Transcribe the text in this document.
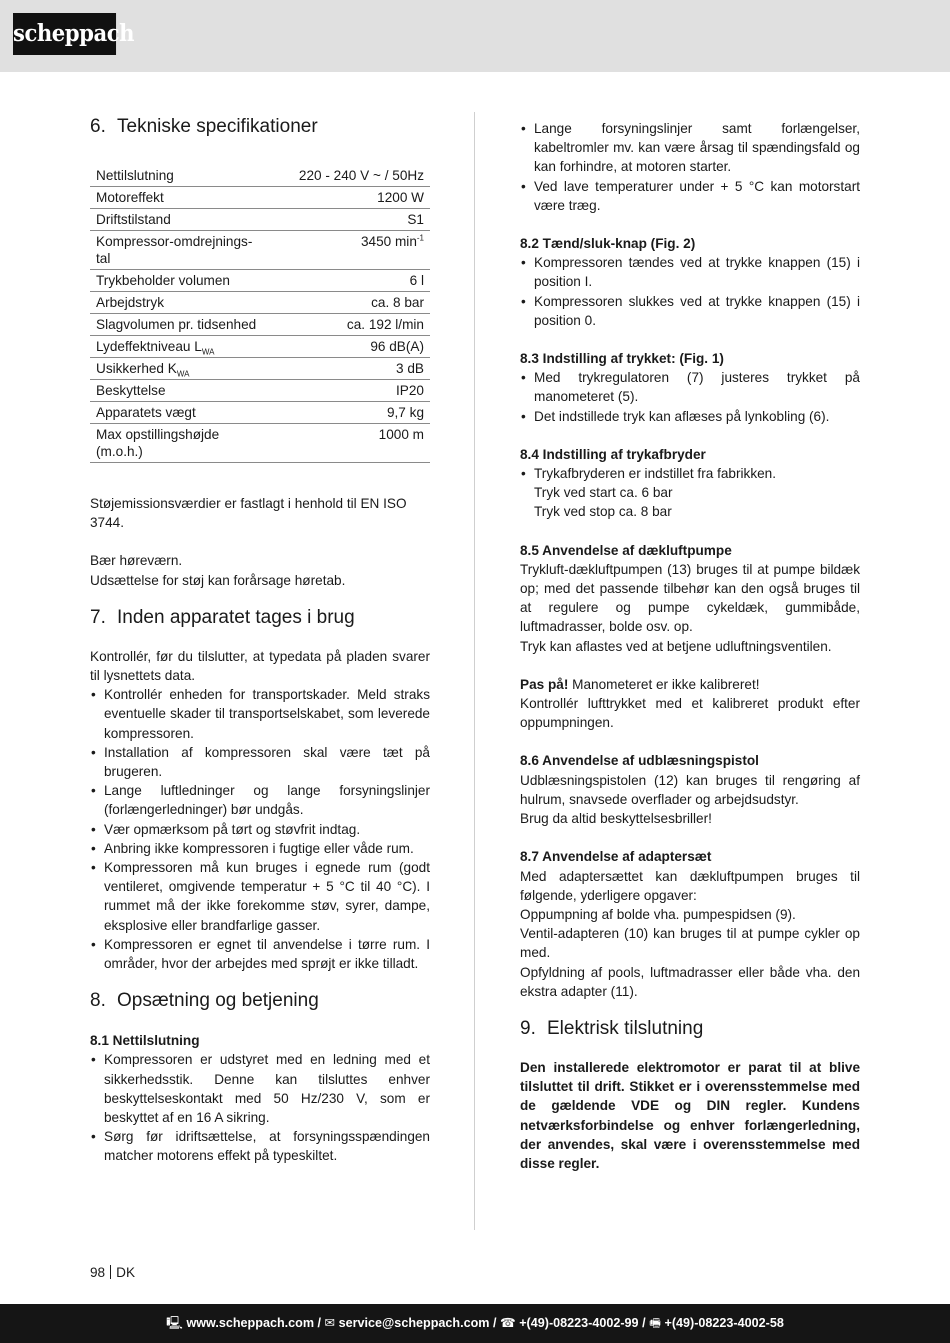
scheppach
6. Tekniske specifikationer
Nettilslutning	220 - 240 V ~ / 50Hz
Motoreffekt	1200 W
Driftstilstand	S1
Kompressor-omdrejnings-tal	3450 $\min^{-1}$
Trykbeholder volumen	6 l
Arbejdstryk	ca. 8 bar
Slagvolumen pr. tidsenhed	ca. 192 l/min
Lydeffektniveau $L_{WA}$	96 dB(A)
Usikkerhed $K_{WA}$	3 dB
Beskyttelse	IP20
Apparatets vægt	9,7 kg
Max opstillingshøjde (m.o.h.)	1000 m

Støjemissionsværdier er fastlagt i henhold til EN ISO 3744.

Bær høreværn.

Udsættelse for støj kan forårsage høretab.

7. Inden apparatet tages i brug

Kontrollér, før du tilslutter, at typedata på pladen svarer til lysnettets data.

• Kontrollér enheden for transportskader. Meld straks eventuelle skader til transportselskabet, som leverede kompressoren.
• Installation af kompressoren skal være tæt på brugeren.
• Lange luftledninger og lange forsyningslinjer (forlængerledninger) bør undgås.
• Vær opmærksom på tørt og støvfrit indtag.
• Anbring ikke kompressoren i fugtige eller våde rum.
• Kompressoren må kun bruges i egnede rum (godt ventileret, omgivende temperatur + 5 °C til 40 °C). I rummet må der ikke forekomme støv, syrer, dampe, eksplosive eller brandfarlige gasser.
• Kompressoren er egnet til anvendelse i tørre rum. I områder, hvor der arbejdes med sprøjt er ikke tilladt.
8. Opsætning og betjening
8.1 Nettilslutning
• Kompressoren er udstyret med en ledning med et sikkerhedsstik. Denne kan tilsluttes enhver beskyttelseskontakt med 50 Hz/230 V, som er beskyttet af en 16 A sikring.
• Sørg før idriftsættelse, at forsyningsspændingen matcher motorens effekt på typeskiltet.
• Lange forsyningslinjer samt forlængelser, kabeltromler mv. kan være årsag til spændingsfald og kan forhindre, at motoren starter.
• Ved lave temperaturer under + 5 °C kan motorstart være træg.
8.2 Tænd/sluk-knap (Fig. 2)
• Kompressoren tændes ved at trykke knappen (15) i position I.
• Kompressoren slukkes ved at trykke knappen (15) i position 0.
8.3 Indstilling af trykket: (Fig. 1)
• Med trykregulatoren (7) justeres trykket på manometeret (5).
• Det indstillede tryk kan aflæses på lynkobling (6).
8.4 Indstilling af trykafbryder
• Trykafbryderen er indstillet fra fabrikken.
Tryk ved start ca. 6 bar
Tryk ved stop ca. 8 bar
8.5 Anvendelse af dækluftpumpe

Trykluft-dækluftpumpen (13) bruges til at pumpe bildæk op; med det passende tilbehør kan den også bruges til at regulere og pumpe cykeldæk, gummibåde, luftmadrasser, bolde osv. op.

Tryk kan aflastes ved at betjene udluftningsventilen.

Pas på! Manometeret er ikke kalibreret!

Kontrollér lufttrykket med et kalibreret produkt efter oppumpningen.

8.6 Anvendelse af udblæsningspistol

Udblæsningspistolen (12) kan bruges til rengøring af hulrum, snavsede overflader og arbejdsudstyr.

Brug da altid beskyttelsesbriller!

8.7 Anvendelse af adaptersæt

Med adaptersættet kan dækluftpumpen bruges til følgende, yderligere opgaver:

Oppumpning af bolde vha. pumpespidsen (9).

Ventil-adapteren (10) kan bruges til at pumpe cykler op med.

Opfyldning af pools, luftmadrasser eller både vha. den ekstra adapter (11).

9. Elektrisk tilslutning

Den installerede elektromotor er parat til at blive tilsluttet til drift. Stikket er i overensstemmelse med de gældende VDE og DIN regler. Kundens netværksforbindelse og enhver forlængerledning, der anvendes, skal være i overensstemmelse med disse regler.

98 DK
🖳 www.scheppach.com / ✉ service@scheppach.com / ☎ +(49)-08223-4002-99 / 🖷 +(49)-08223-4002-58
